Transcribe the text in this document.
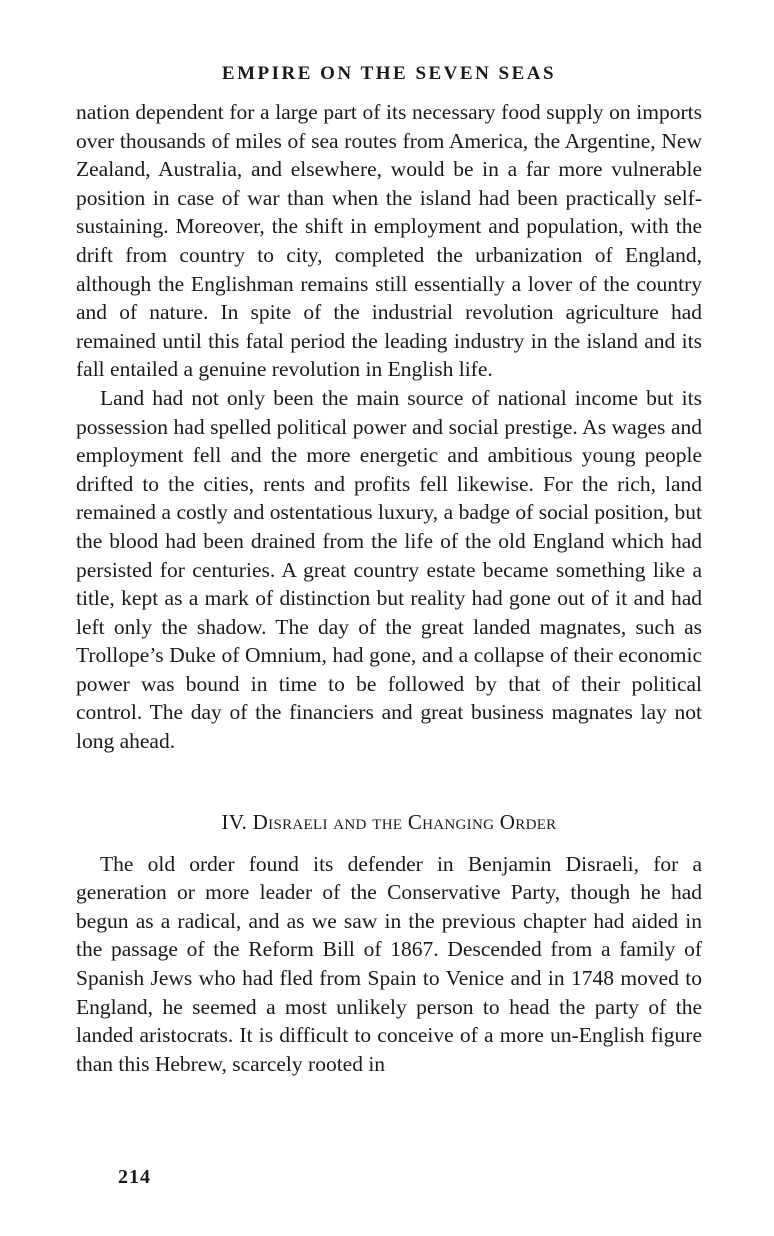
EMPIRE ON THE SEVEN SEAS

nation dependent for a large part of its necessary food supply on imports over thousands of miles of sea routes from America, the Argentine, New Zealand, Australia, and elsewhere, would be in a far more vulnerable position in case of war than when the island had been practically self-sustaining. Moreover, the shift in employment and population, with the drift from country to city, completed the urbanization of England, although the Englishman remains still essentially a lover of the country and of nature. In spite of the industrial revolution agriculture had remained until this fatal period the leading industry in the island and its fall entailed a genuine revolution in English life.

Land had not only been the main source of national income but its possession had spelled political power and social prestige. As wages and employment fell and the more energetic and ambitious young people drifted to the cities, rents and profits fell likewise. For the rich, land remained a costly and ostentatious luxury, a badge of social position, but the blood had been drained from the life of the old England which had persisted for centuries. A great country estate became something like a title, kept as a mark of distinction but reality had gone out of it and had left only the shadow. The day of the great landed magnates, such as Trollope’s Duke of Omnium, had gone, and a collapse of their economic power was bound in time to be followed by that of their political control. The day of the financiers and great business magnates lay not long ahead.

IV. Disraeli and the Changing Order

The old order found its defender in Benjamin Disraeli, for a generation or more leader of the Conservative Party, though he had begun as a radical, and as we saw in the previous chapter had aided in the passage of the Reform Bill of 1867. Descended from a family of Spanish Jews who had fled from Spain to Venice and in 1748 moved to England, he seemed a most unlikely person to head the party of the landed aristocrats. It is difficult to conceive of a more un-English figure than this Hebrew, scarcely rooted in

214
